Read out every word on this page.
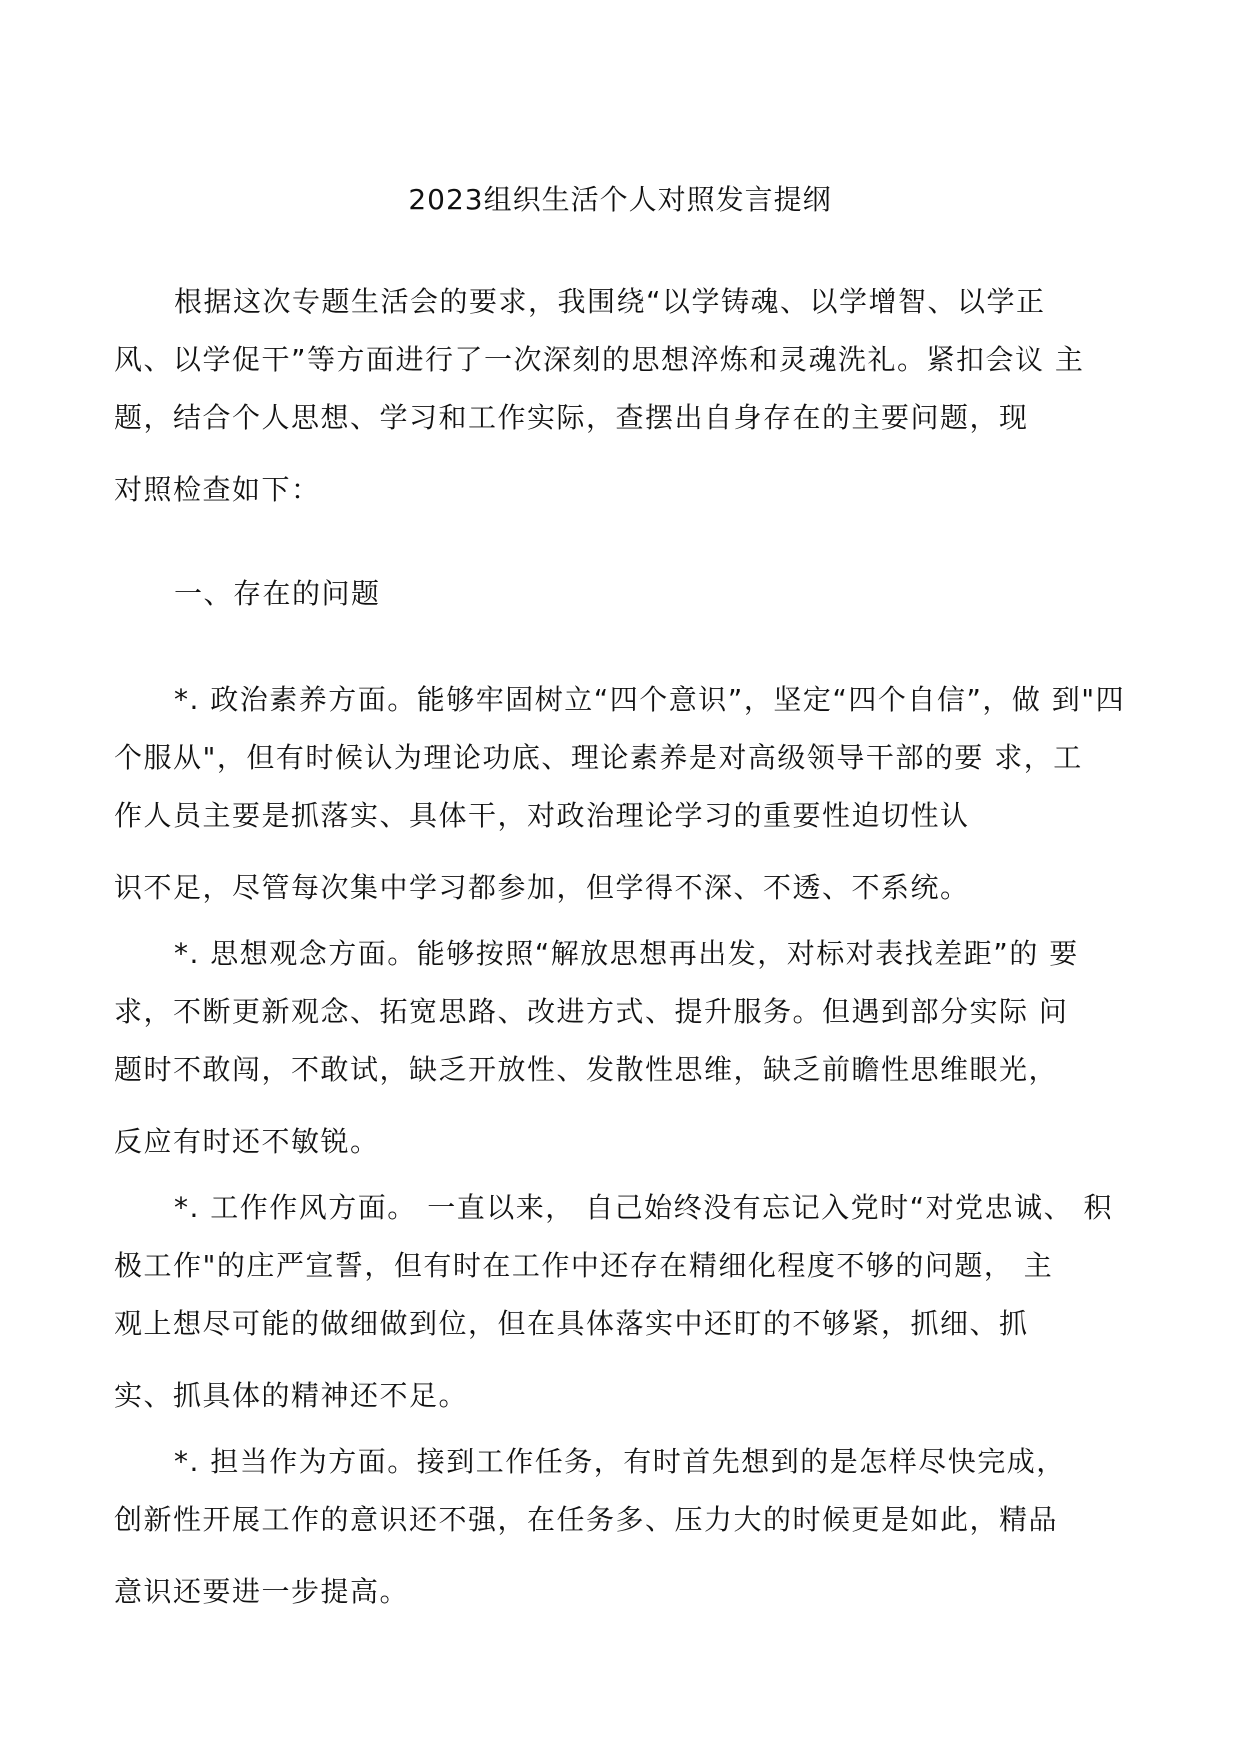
2023组织生活个人对照发言提纲
根据这次专题生活会的要求，我围绕“以学铸魂、以学增智、以学正
风、以学促干”等方面进行了一次深刻的思想淬炼和灵魂洗礼。紧扣会议 主
题，结合个人思想、学习和工作实际，查摆出自身存在的主要问题，现
对照检查如下：
一、存在的问题
*. 政治素养方面。能够牢固树立“四个意识”，坚定“四个自信”，做 到"四
个服从"，但有时候认为理论功底、理论素养是对高级领导干部的要 求，工
作人员主要是抓落实、具体干，对政治理论学习的重要性迫切性认
识不足，尽管每次集中学习都参加，但学得不深、不透、不系统。
*. 思想观念方面。能够按照“解放思想再出发，对标对表找差距”的 要
求，不断更新观念、拓宽思路、改进方式、提升服务。但遇到部分实际 问
题时不敢闯，不敢试，缺乏开放性、发散性思维，缺乏前瞻性思维眼光，
反应有时还不敏锐。
*. 工作作风方面。 一直以来， 自己始终没有忘记入党时“对党忠诚、 积
极工作"的庄严宣誓，但有时在工作中还存在精细化程度不够的问题， 主
观上想尽可能的做细做到位，但在具体落实中还盯的不够紧，抓细、抓
实、抓具体的精神还不足。
*. 担当作为方面。接到工作任务，有时首先想到的是怎样尽快完成，
创新性开展工作的意识还不强，在任务多、压力大的时候更是如此，精品
意识还要进一步提高。
